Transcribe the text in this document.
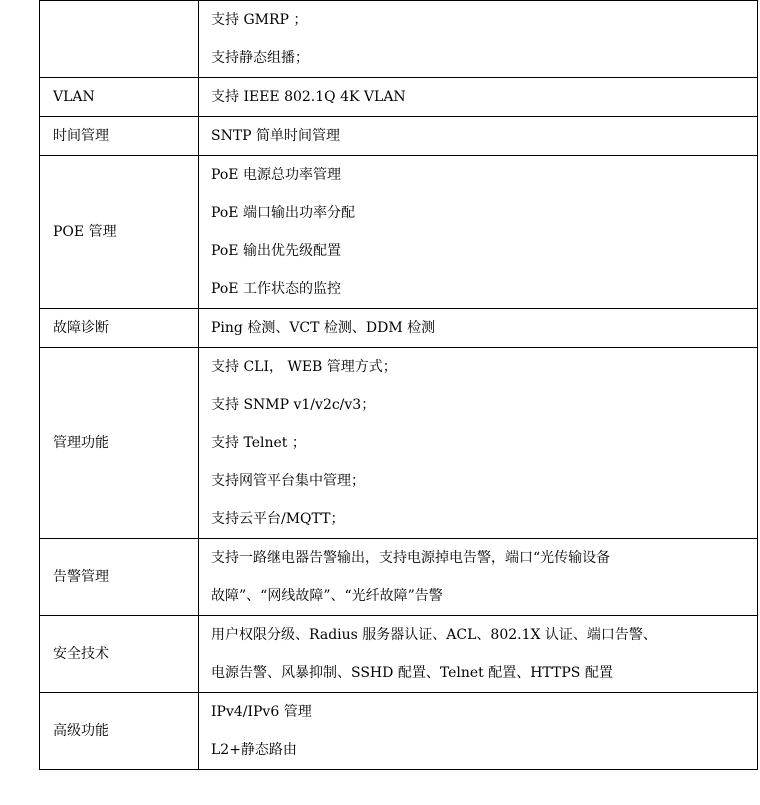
	支持 GMRP ；
支持静态组播；

VLAN	支持 IEEE 802.1Q 4K VLAN

时间管理	SNTP 简单时间管理

POE 管理	PoE 电源总功率管理
PoE 端口输出功率分配
PoE 输出优先级配置
PoE 工作状态的监控

故障诊断	Ping 检测、VCT 检测、DDM 检测

管理功能	支持 CLI， WEB 管理方式；
支持 SNMP v1/v2c/v3；
支持 Telnet ；
支持网管平台集中管理；
支持云平台/MQTT；

告警管理	支持一路继电器告警输出，支持电源掉电告警，端口“光传输设备
故障”、“网线故障”、“光纤故障”告警

安全技术	用户权限分级、Radius 服务器认证、ACL、802.1X 认证、端口告警、
电源告警、风暴抑制、SSHD 配置、Telnet 配置、HTTPS 配置

高级功能	IPv4/IPv6 管理
L2+静态路由
